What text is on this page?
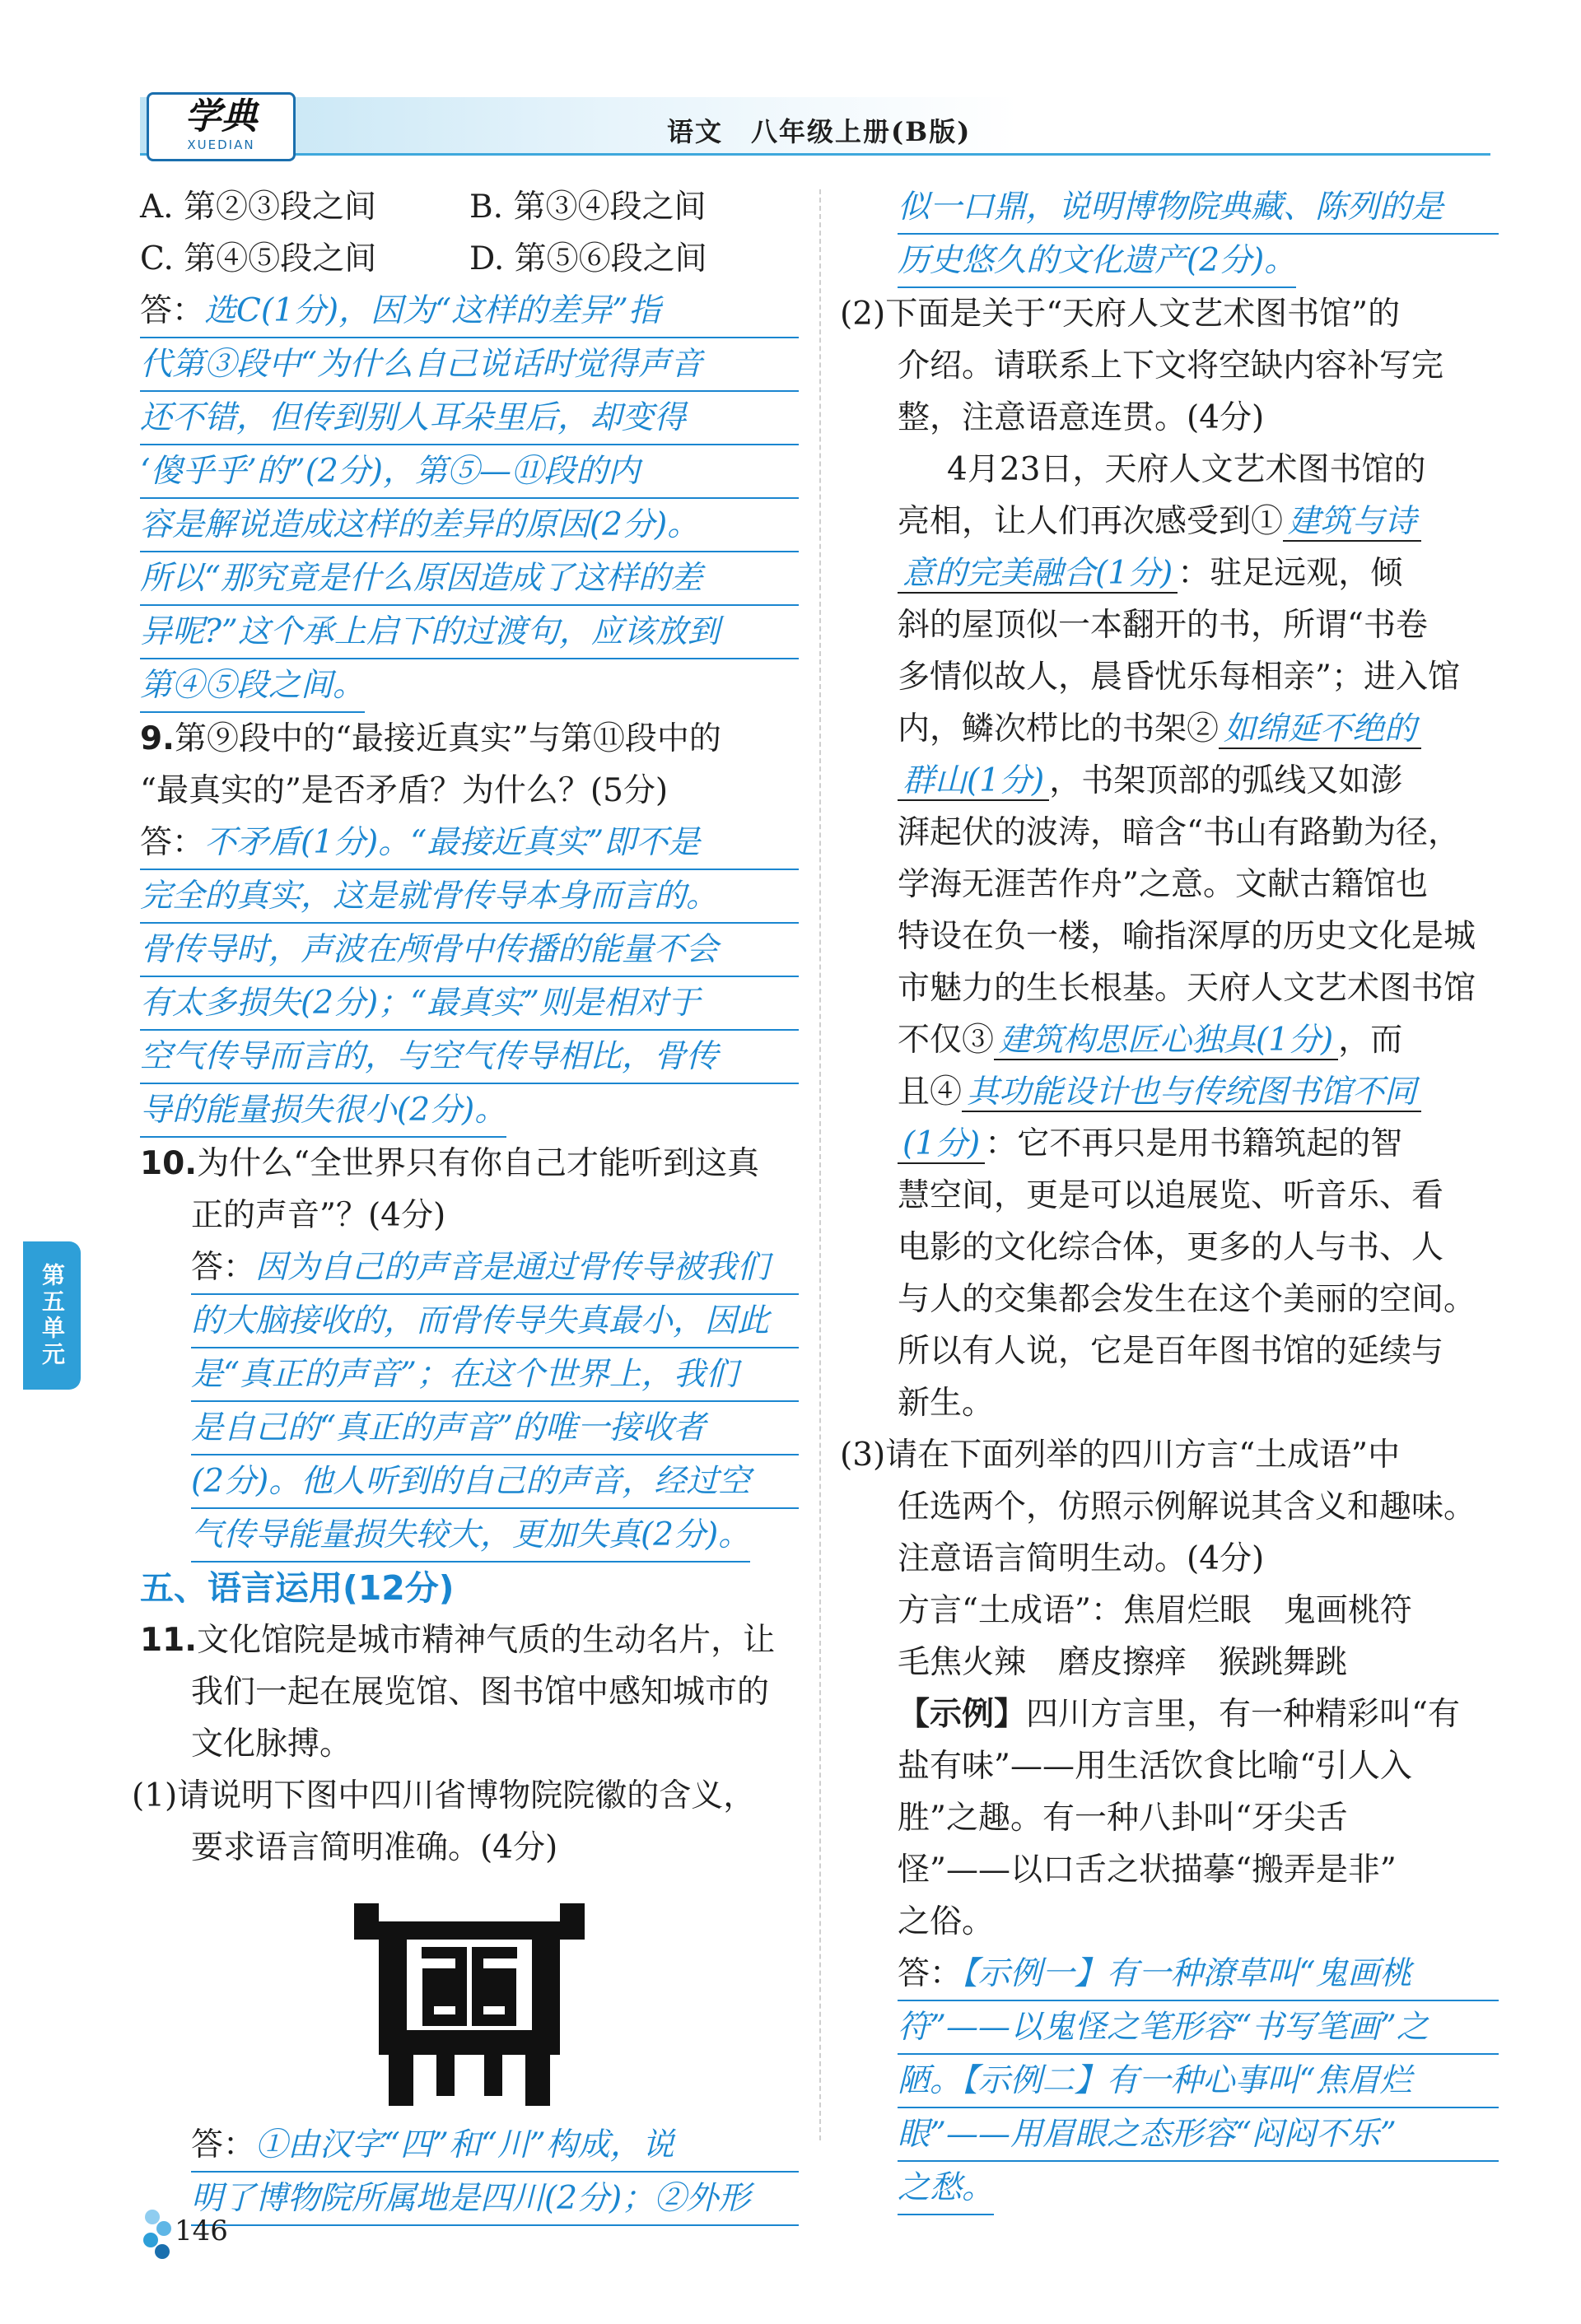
学典
XUEDIAN	语文　八年级上册(B版)
A. 第②③段之间	B. 第③④段之间
C. 第④⑤段之间	D. 第⑤⑥段之间

答：选C(1分)，因为“这样的差异”指

代第③段中“为什么自己说话时觉得声音

还不错，但传到别人耳朵里后，却变得

‘傻乎乎’的”(2分)，第⑤—⑪段的内

容是解说造成这样的差异的原因(2分)。

所以“那究竟是什么原因造成了这样的差

异呢?”这个承上启下的过渡句，应该放到

第④⑤段之间。

9.第⑨段中的“最接近真实”与第⑪段中的

“最真实的”是否矛盾？为什么？(5分)

答：不矛盾(1分)。“最接近真实”即不是

完全的真实，这是就骨传导本身而言的。

骨传导时，声波在颅骨中传播的能量不会

有太多损失(2分)；“最真实”则是相对于

空气传导而言的，与空气传导相比，骨传

导的能量损失很小(2分)。

10.为什么“全世界只有你自己才能听到这真

正的声音”？(4分)

答：因为自己的声音是通过骨传导被我们

的大脑接收的，而骨传导失真最小，因此

是“真正的声音”；在这个世界上，我们

是自己的“真正的声音”的唯一接收者

(2分)。他人听到的自己的声音，经过空

气传导能量损失较大，更加失真(2分)。

五、语言运用(12分)

11.文化馆院是城市精神气质的生动名片，让

我们一起在展览馆、图书馆中感知城市的

文化脉搏。

(1)请说明下图中四川省博物院院徽的含义，

要求语言简明准确。(4分)

答：①由汉字“四”和“川”构成，说

明了博物院所属地是四川(2分)；②外形

似一口鼎，说明博物院典藏、陈列的是

历史悠久的文化遗产(2分)。

(2)下面是关于“天府人文艺术图书馆”的

介绍。请联系上下文将空缺内容补写完

整，注意语意连贯。(4分)

4月23日，天府人文艺术图书馆的

亮相，让人们再次感受到① 建筑与诗

意的完美融合(1分) ：驻足远观，倾

斜的屋顶似一本翻开的书，所谓“书卷

多情似故人，晨昏忧乐每相亲”；进入馆

内，鳞次栉比的书架② 如绵延不绝的

群山(1分) ，书架顶部的弧线又如澎

湃起伏的波涛，暗含“书山有路勤为径，

学海无涯苦作舟”之意。文献古籍馆也

特设在负一楼，喻指深厚的历史文化是城

市魅力的生长根基。天府人文艺术图书馆

不仅③ 建筑构思匠心独具(1分) ，而

且④ 其功能设计也与传统图书馆不同

(1分) ：它不再只是用书籍筑起的智

慧空间，更是可以追展览、听音乐、看

电影的文化综合体，更多的人与书、人

与人的交集都会发生在这个美丽的空间。

所以有人说，它是百年图书馆的延续与

新生。

(3)请在下面列举的四川方言“土成语”中

任选两个，仿照示例解说其含义和趣味。

注意语言简明生动。(4分)

方言“土成语”：焦眉烂眼　鬼画桃符

毛焦火辣　磨皮擦痒　猴跳舞跳

【示例】四川方言里，有一种精彩叫“有

盐有味”——用生活饮食比喻“引人入

胜”之趣。有一种八卦叫“牙尖舌

怪”——以口舌之状描摹“搬弄是非”

之俗。

答：【示例一】有一种潦草叫“鬼画桃

符”——以鬼怪之笔形容“书写笔画”之

陋。【示例二】有一种心事叫“焦眉烂

眼”——用眉眼之态形容“闷闷不乐”

之愁。

第五单元
146
